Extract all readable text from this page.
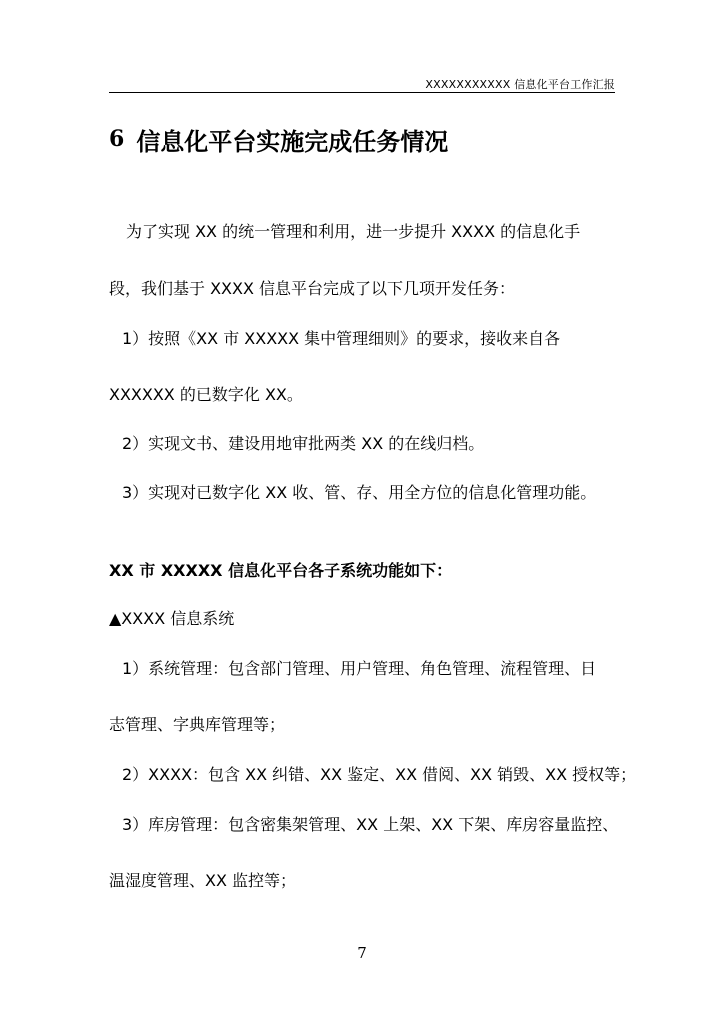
XXXXXXXXXXX 信息化平台工作汇报
6 信息化平台实施完成任务情况
为了实现 XX 的统一管理和利用，进一步提升 XXXX 的信息化手
段，我们基于 XXXX 信息平台完成了以下几项开发任务：
1）按照《XX 市 XXXXX 集中管理细则》的要求，接收来自各
XXXXXX 的已数字化 XX。
2）实现文书、建设用地审批两类 XX 的在线归档。
3）实现对已数字化 XX 收、管、存、用全方位的信息化管理功能。
XX 市 XXXXX 信息化平台各子系统功能如下：
▲XXXX 信息系统
1）系统管理：包含部门管理、用户管理、角色管理、流程管理、日
志管理、字典库管理等；
2）XXXX：包含 XX 纠错、XX 鉴定、XX 借阅、XX 销毁、XX 授权等；
3）库房管理：包含密集架管理、XX 上架、XX 下架、库房容量监控、
温湿度管理、XX 监控等；
7
